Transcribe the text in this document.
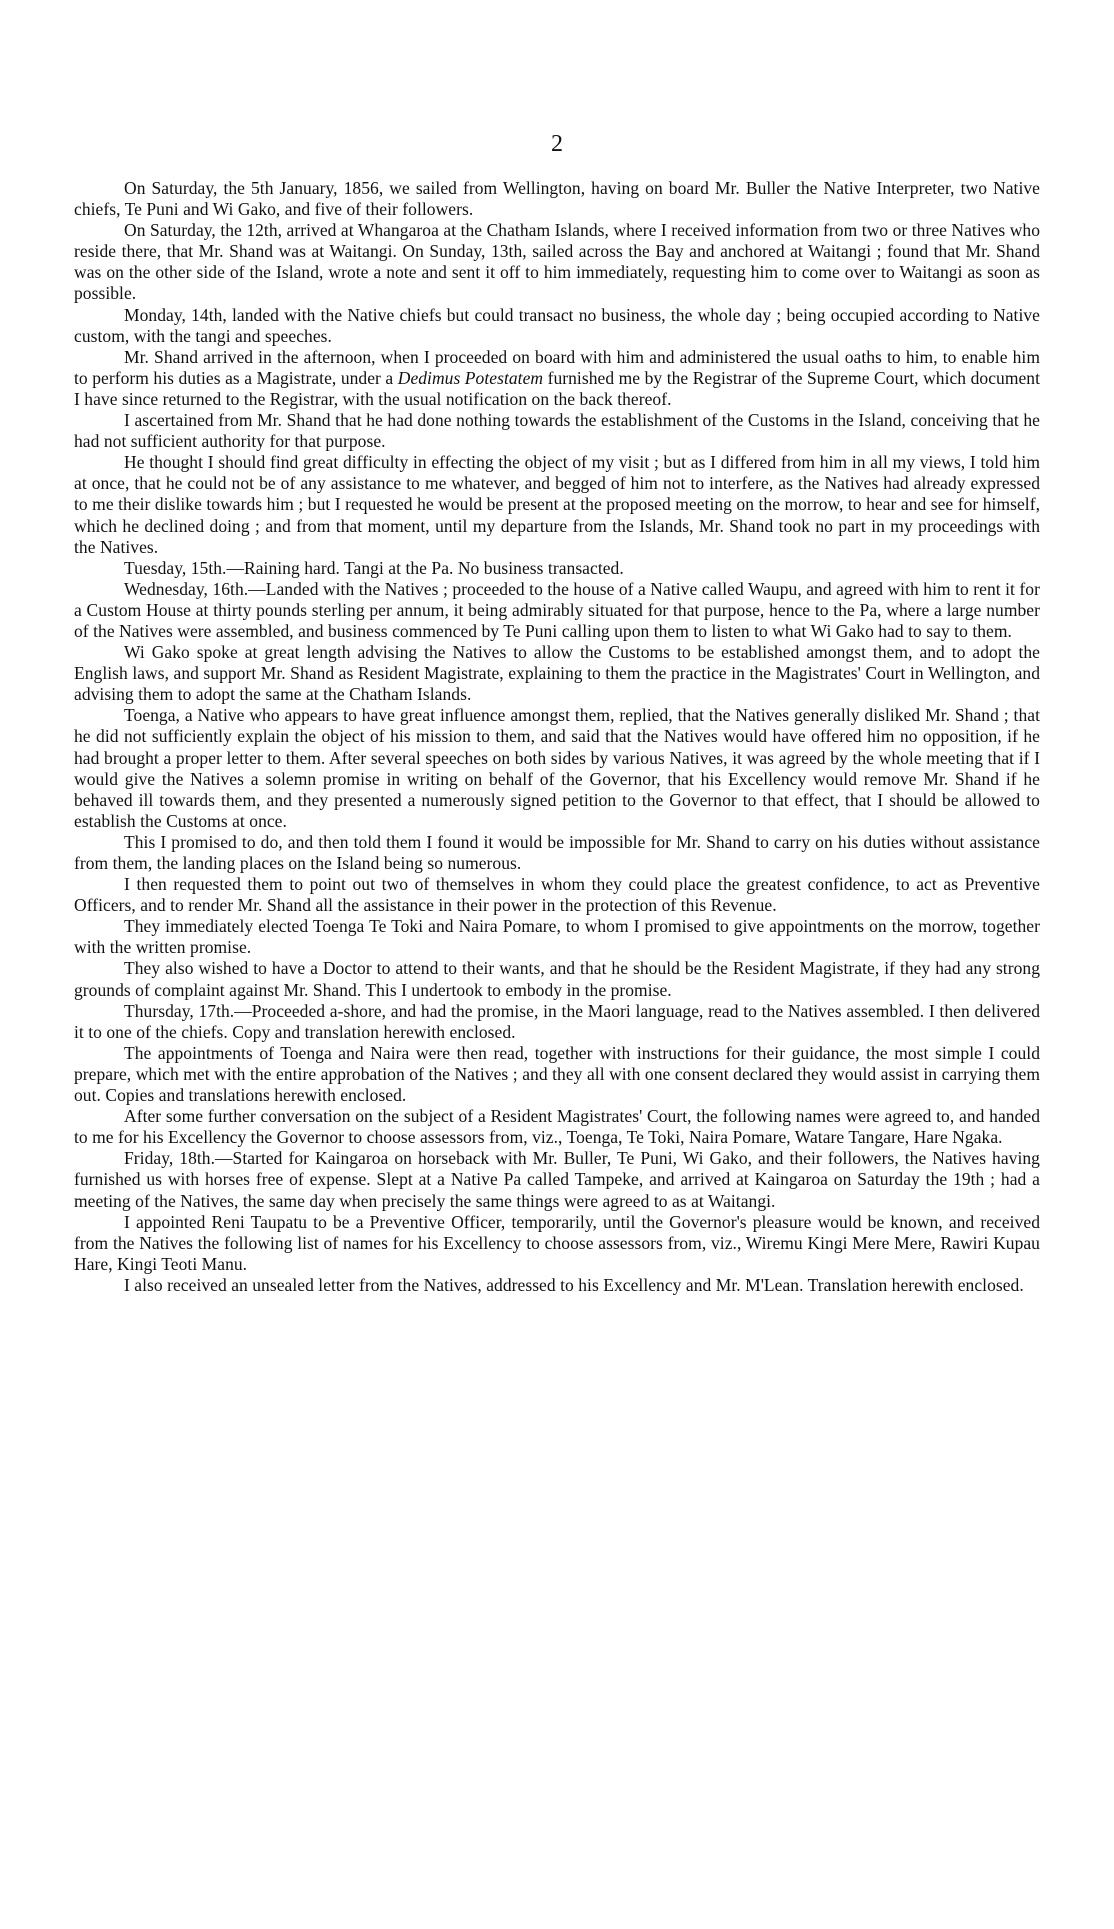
2

On Saturday, the 5th January, 1856, we sailed from Wellington, having on board Mr. Buller the Native Interpreter, two Native chiefs, Te Puni and Wi Gako, and five of their followers.

On Saturday, the 12th, arrived at Whangaroa at the Chatham Islands, where I received information from two or three Natives who reside there, that Mr. Shand was at Waitangi. On Sunday, 13th, sailed across the Bay and anchored at Waitangi ; found that Mr. Shand was on the other side of the Island, wrote a note and sent it off to him immediately, requesting him to come over to Waitangi as soon as possible.

Monday, 14th, landed with the Native chiefs but could transact no business, the whole day ; being occupied according to Native custom, with the tangi and speeches.

Mr. Shand arrived in the afternoon, when I proceeded on board with him and administered the usual oaths to him, to enable him to perform his duties as a Magistrate, under a Dedimus Potestatem furnished me by the Registrar of the Supreme Court, which document I have since returned to the Registrar, with the usual notification on the back thereof.

I ascertained from Mr. Shand that he had done nothing towards the establishment of the Customs in the Island, conceiving that he had not sufficient authority for that purpose.

He thought I should find great difficulty in effecting the object of my visit ; but as I differed from him in all my views, I told him at once, that he could not be of any assistance to me whatever, and begged of him not to interfere, as the Natives had already expressed to me their dislike towards him ; but I requested he would be present at the proposed meeting on the morrow, to hear and see for himself, which he declined doing ; and from that moment, until my departure from the Islands, Mr. Shand took no part in my proceedings with the Natives.

Tuesday, 15th.—Raining hard. Tangi at the Pa. No business transacted.

Wednesday, 16th.—Landed with the Natives ; proceeded to the house of a Native called Waupu, and agreed with him to rent it for a Custom House at thirty pounds sterling per annum, it being admirably situated for that purpose, hence to the Pa, where a large number of the Natives were assembled, and business commenced by Te Puni calling upon them to listen to what Wi Gako had to say to them.

Wi Gako spoke at great length advising the Natives to allow the Customs to be established amongst them, and to adopt the English laws, and support Mr. Shand as Resident Magistrate, explaining to them the practice in the Magistrates' Court in Wellington, and advising them to adopt the same at the Chatham Islands.

Toenga, a Native who appears to have great influence amongst them, replied, that the Natives generally disliked Mr. Shand ; that he did not sufficiently explain the object of his mission to them, and said that the Natives would have offered him no opposition, if he had brought a proper letter to them. After several speeches on both sides by various Natives, it was agreed by the whole meeting that if I would give the Natives a solemn promise in writing on behalf of the Governor, that his Excellency would remove Mr. Shand if he behaved ill towards them, and they presented a numerously signed petition to the Governor to that effect, that I should be allowed to establish the Customs at once.

This I promised to do, and then told them I found it would be impossible for Mr. Shand to carry on his duties without assistance from them, the landing places on the Island being so numerous.

I then requested them to point out two of themselves in whom they could place the greatest confidence, to act as Preventive Officers, and to render Mr. Shand all the assistance in their power in the protection of this Revenue.

They immediately elected Toenga Te Toki and Naira Pomare, to whom I promised to give appointments on the morrow, together with the written promise.

They also wished to have a Doctor to attend to their wants, and that he should be the Resident Magistrate, if they had any strong grounds of complaint against Mr. Shand. This I undertook to embody in the promise.

Thursday, 17th.—Proceeded a-shore, and had the promise, in the Maori language, read to the Natives assembled. I then delivered it to one of the chiefs. Copy and translation herewith enclosed.

The appointments of Toenga and Naira were then read, together with instructions for their guidance, the most simple I could prepare, which met with the entire approbation of the Natives ; and they all with one consent declared they would assist in carrying them out. Copies and translations herewith enclosed.

After some further conversation on the subject of a Resident Magistrates' Court, the following names were agreed to, and handed to me for his Excellency the Governor to choose assessors from, viz., Toenga, Te Toki, Naira Pomare, Watare Tangare, Hare Ngaka.

Friday, 18th.—Started for Kaingaroa on horseback with Mr. Buller, Te Puni, Wi Gako, and their followers, the Natives having furnished us with horses free of expense. Slept at a Native Pa called Tampeke, and arrived at Kaingaroa on Saturday the 19th ; had a meeting of the Natives, the same day when precisely the same things were agreed to as at Waitangi.

I appointed Reni Taupatu to be a Preventive Officer, temporarily, until the Governor's pleasure would be known, and received from the Natives the following list of names for his Excellency to choose assessors from, viz., Wiremu Kingi Mere Mere, Rawiri Kupau Hare, Kingi Teoti Manu.

I also received an unsealed letter from the Natives, addressed to his Excellency and Mr. M'Lean. Translation herewith enclosed.
